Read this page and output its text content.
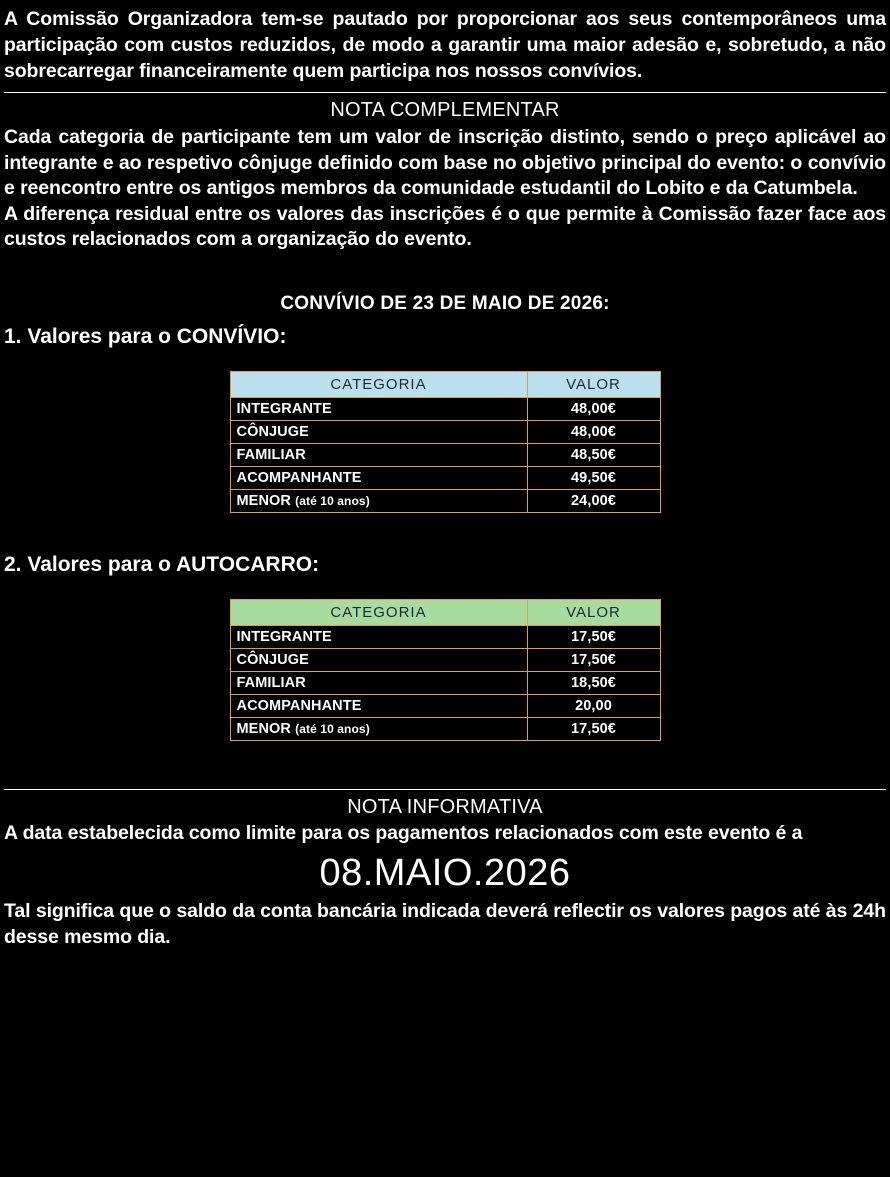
A Comissão Organizadora tem-se pautado por proporcionar aos seus contemporâneos uma participação com custos reduzidos, de modo a garantir uma maior adesão e, sobretudo, a não sobrecarregar financeiramente quem participa nos nossos convívios.

NOTA COMPLEMENTAR

Cada categoria de participante tem um valor de inscrição distinto, sendo o preço aplicável ao integrante e ao respetivo cônjuge definido com base no objetivo principal do evento: o convívio e reencontro entre os antigos membros da comunidade estudantil do Lobito e da Catumbela.

A diferença residual entre os valores das inscrições é o que permite à Comissão fazer face aos custos relacionados com a organização do evento.

CONVÍVIO DE 23 DE MAIO DE 2026:

1. Valores para o CONVÍVIO:

CATEGORIA	VALOR
INTEGRANTE	48,00€
CÔNJUGE	48,00€
FAMILIAR	48,50€
ACOMPANHANTE	49,50€
MENOR (até 10 anos)	24,00€

2. Valores para o AUTOCARRO:

CATEGORIA	VALOR
INTEGRANTE	17,50€
CÔNJUGE	17,50€
FAMILIAR	18,50€
ACOMPANHANTE	20,00
MENOR (até 10 anos)	17,50€
NOTA INFORMATIVA

A data estabelecida como limite para os pagamentos relacionados com este evento é a

08.MAIO.2026

Tal significa que o saldo da conta bancária indicada deverá reflectir os valores pagos até às 24h desse mesmo dia.
